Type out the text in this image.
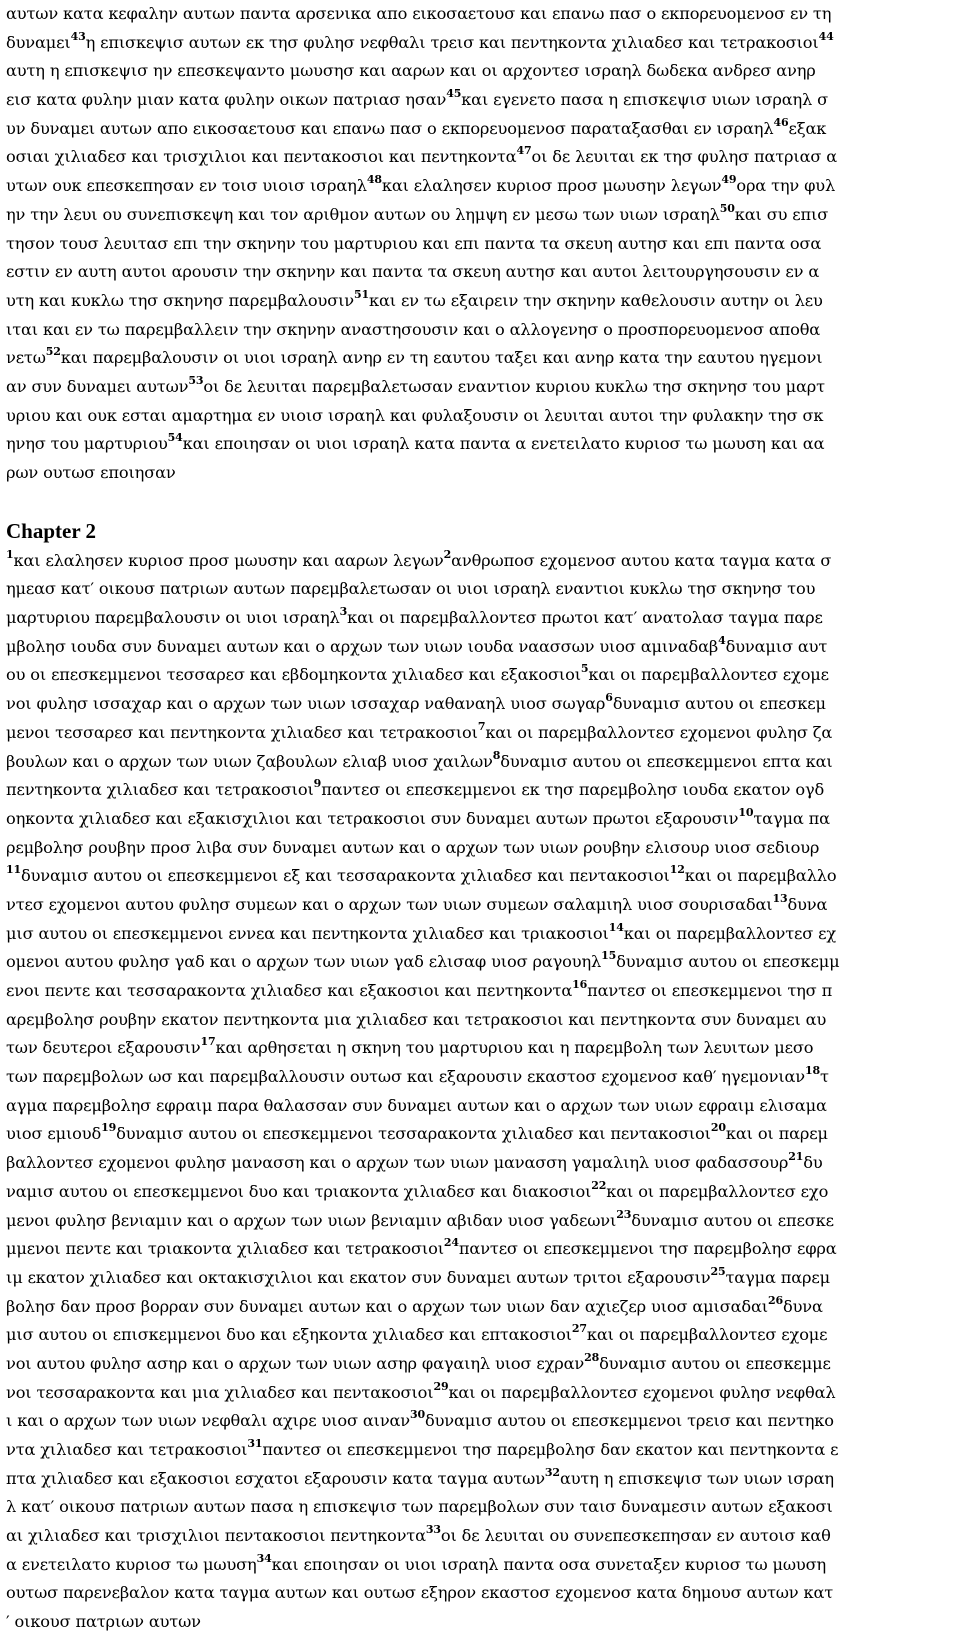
αυτων κατα κεφαλην αυτων παντα αρσενικα απο εικοσαετουσ και επανω πασ ο εκπορευομενοσ εν τη
δυναμει$^{43}$η επισκεψισ αυτων εκ τησ φυλησ νεφθαλι τρεισ και πεντηκοντα χιλιαδεσ και τετρακοσιοι$^{44}$
αυτη η επισκεψισ ην επεσκεψαντο μωυσησ και ααρων και οι αρχοντεσ ισραηλ δωδεκα ανδρεσ ανηρ
εισ κατα φυλην μιαν κατα φυλην οικων πατριασ ησαν$^{45}$και εγενετο πασα η επισκεψισ υιων ισραηλ σ
υν δυναμει αυτων απο εικοσαετουσ και επανω πασ ο εκπορευομενοσ παραταξασθαι εν ισραηλ$^{46}$εξακ
οσιαι χιλιαδεσ και τρισχιλιοι και πεντακοσιοι και πεντηκοντα$^{47}$οι δε λευιται εκ τησ φυλησ πατριασ α
υτων ουκ επεσκεπησαν εν τοισ υιοισ ισραηλ$^{48}$και ελαλησεν κυριοσ προσ μωυσην λεγων$^{49}$ορα την φυλ
ην την λευι ου συνεπισκεψη και τον αριθμον αυτων ου λημψη εν μεσω των υιων ισραηλ$^{50}$και συ επισ
τησον τουσ λευιτασ επι την σκηνην του μαρτυριου και επι παντα τα σκευη αυτησ και επι παντα οσα
εστιν εν αυτη αυτοι αρουσιν την σκηνην και παντα τα σκευη αυτησ και αυτοι λειτουργησουσιν εν α
υτη και κυκλω τησ σκηνησ παρεμβαλουσιν$^{51}$και εν τω εξαιρειν την σκηνην καθελουσιν αυτην οι λευ
ιται και εν τω παρεμβαλλειν την σκηνην αναστησουσιν και ο αλλογενησ ο προσπορευομενοσ αποθα
νετω$^{52}$και παρεμβαλουσιν οι υιοι ισραηλ ανηρ εν τη εαυτου ταξει και ανηρ κατα την εαυτου ηγεμονι
αν συν δυναμει αυτων$^{53}$οι δε λευιται παρεμβαλετωσαν εναντιον κυριου κυκλω τησ σκηνησ του μαρτ
υριου και ουκ εσται αμαρτημα εν υιοισ ισραηλ και φυλαξουσιν οι λευιται αυτοι την φυλακην τησ σκ
ηνησ του μαρτυριου$^{54}$και εποιησαν οι υιοι ισραηλ κατα παντα α ενετειλατο κυριοσ τω μωυση και αα
ρων ουτωσ εποιησαν
Chapter 2
$^1$και ελαλησεν κυριοσ προσ μωυσην και ααρων λεγων$^2$ανθρωποσ εχομενοσ αυτου κατα ταγμα κατα σ
ημεασ κατ′ οικουσ πατριων αυτων παρεμβαλετωσαν οι υιοι ισραηλ εναντιοι κυκλω τησ σκηνησ του
μαρτυριου παρεμβαλουσιν οι υιοι ισραηλ$^3$και οι παρεμβαλλοντεσ πρωτοι κατ′ ανατολασ ταγμα παρε
μβολησ ιουδα συν δυναμει αυτων και ο αρχων των υιων ιουδα ναασσων υιοσ αμιναδαβ$^4$δυναμισ αυτ
ου οι επεσκεμμενοι τεσσαρεσ και εβδομηκοντα χιλιαδεσ και εξακοσιοι$^5$και οι παρεμβαλλοντεσ εχομε
νοι φυλησ ισσαχαρ και ο αρχων των υιων ισσαχαρ ναθαναηλ υιοσ σωγαρ$^6$δυναμισ αυτου οι επεσκεμ
μενοι τεσσαρεσ και πεντηκοντα χιλιαδεσ και τετρακοσιοι$^7$και οι παρεμβαλλοντεσ εχομενοι φυλησ ζα
βουλων και ο αρχων των υιων ζαβουλων ελιαβ υιοσ χαιλων$^8$δυναμισ αυτου οι επεσκεμμενοι επτα και
πεντηκοντα χιλιαδεσ και τετρακοσιοι$^9$παντεσ οι επεσκεμμενοι εκ τησ παρεμβολησ ιουδα εκατον ογδ
οηκοντα χιλιαδεσ και εξακισχιλιοι και τετρακοσιοι συν δυναμει αυτων πρωτοι εξαρουσιν$^{10}$ταγμα πα
ρεμβολησ ρουβην προσ λιβα συν δυναμει αυτων και ο αρχων των υιων ρουβην ελισουρ υιοσ σεδιουρ
$^{11}$δυναμισ αυτου οι επεσκεμμενοι εξ και τεσσαρακοντα χιλιαδεσ και πεντακοσιοι$^{12}$και οι παρεμβαλλο
ντεσ εχομενοι αυτου φυλησ συμεων και ο αρχων των υιων συμεων σαλαμιηλ υιοσ σουρισαδαι$^{13}$δυνα
μισ αυτου οι επεσκεμμενοι εννεα και πεντηκοντα χιλιαδεσ και τριακοσιοι$^{14}$και οι παρεμβαλλοντεσ εχ
ομενοι αυτου φυλησ γαδ και ο αρχων των υιων γαδ ελισαφ υιοσ ραγουηλ$^{15}$δυναμισ αυτου οι επεσκεμμ
ενοι πεντε και τεσσαρακοντα χιλιαδεσ και εξακοσιοι και πεντηκοντα$^{16}$παντεσ οι επεσκεμμενοι τησ π
αρεμβολησ ρουβην εκατον πεντηκοντα μια χιλιαδεσ και τετρακοσιοι και πεντηκοντα συν δυναμει αυ
των δευτεροι εξαρουσιν$^{17}$και αρθησεται η σκηνη του μαρτυριου και η παρεμβολη των λευιτων μεσο
των παρεμβολων ωσ και παρεμβαλλουσιν ουτωσ και εξαρουσιν εκαστοσ εχομενοσ καθ′ ηγεμονιαν$^{18}$τ
αγμα παρεμβολησ εφραιμ παρα θαλασσαν συν δυναμει αυτων και ο αρχων των υιων εφραιμ ελισαμα
υιοσ εμιουδ$^{19}$δυναμισ αυτου οι επεσκεμμενοι τεσσαρακοντα χιλιαδεσ και πεντακοσιοι$^{20}$και οι παρεμ
βαλλοντεσ εχομενοι φυλησ μανασση και ο αρχων των υιων μανασση γαμαλιηλ υιοσ φαδασσουρ$^{21}$δυ
ναμισ αυτου οι επεσκεμμενοι δυο και τριακοντα χιλιαδεσ και διακοσιοι$^{22}$και οι παρεμβαλλοντεσ εχο
μενοι φυλησ βενιαμιν και ο αρχων των υιων βενιαμιν αβιδαν υιοσ γαδεωνι$^{23}$δυναμισ αυτου οι επεσκε
μμενοι πεντε και τριακοντα χιλιαδεσ και τετρακοσιοι$^{24}$παντεσ οι επεσκεμμενοι τησ παρεμβολησ εφρα
ιμ εκατον χιλιαδεσ και οκτακισχιλιοι και εκατον συν δυναμει αυτων τριτοι εξαρουσιν$^{25}$ταγμα παρεμ
βολησ δαν προσ βορραν συν δυναμει αυτων και ο αρχων των υιων δαν αχιεζερ υιοσ αμισαδαι$^{26}$δυνα
μισ αυτου οι επισκεμμενοι δυο και εξηκοντα χιλιαδεσ και επτακοσιοι$^{27}$και οι παρεμβαλλοντεσ εχομε
νοι αυτου φυλησ ασηρ και ο αρχων των υιων ασηρ φαγαιηλ υιοσ εχραν$^{28}$δυναμισ αυτου οι επεσκεμμε
νοι τεσσαρακοντα και μια χιλιαδεσ και πεντακοσιοι$^{29}$και οι παρεμβαλλοντεσ εχομενοι φυλησ νεφθαλ
ι και ο αρχων των υιων νεφθαλι αχιρε υιοσ αιναν$^{30}$δυναμισ αυτου οι επεσκεμμενοι τρεισ και πεντηκο
ντα χιλιαδεσ και τετρακοσιοι$^{31}$παντεσ οι επεσκεμμενοι τησ παρεμβολησ δαν εκατον και πεντηκοντα ε
πτα χιλιαδεσ και εξακοσιοι εσχατοι εξαρουσιν κατα ταγμα αυτων$^{32}$αυτη η επισκεψισ των υιων ισραη
λ κατ′ οικουσ πατριων αυτων πασα η επισκεψισ των παρεμβολων συν ταισ δυναμεσιν αυτων εξακοσι
αι χιλιαδεσ και τρισχιλιοι πεντακοσιοι πεντηκοντα$^{33}$οι δε λευιται ου συνεπεσκεπησαν εν αυτοισ καθ
α ενετειλατο κυριοσ τω μωυση$^{34}$και εποιησαν οι υιοι ισραηλ παντα οσα συνεταξεν κυριοσ τω μωυση
ουτωσ παρενεβαλον κατα ταγμα αυτων και ουτωσ εξηρον εκαστοσ εχομενοσ κατα δημουσ αυτων κατ
′ οικουσ πατριων αυτων
